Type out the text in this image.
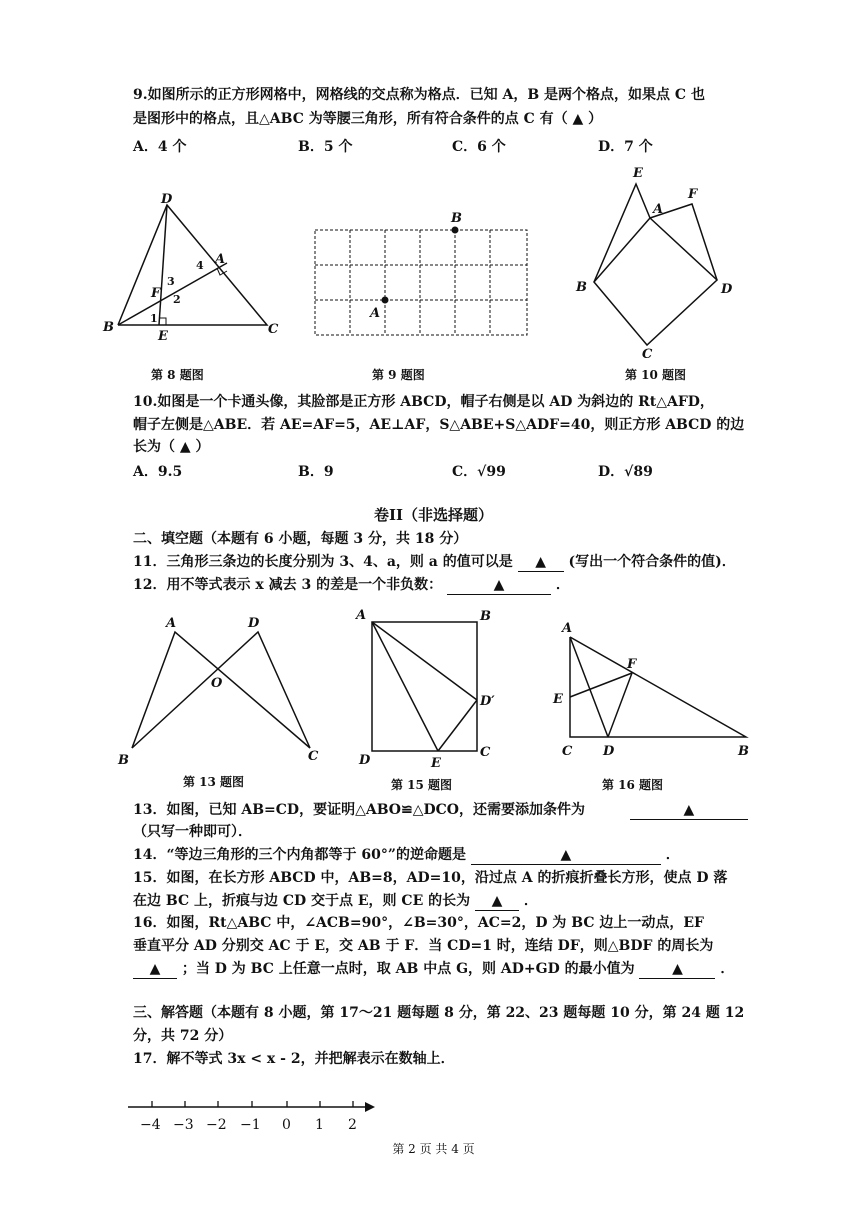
9.如图所示的正方形网格中，网格线的交点称为格点．已知 A，B 是两个格点，如果点 C 也
是图形中的格点，且△ABC 为等腰三角形，所有符合条件的点 C 有（ ▲ ）
A．4 个	B．5 个	C．6 个	D．7 个
D
A
4
3
F 2
1
B
E	C
第 8 题图
B
A
第 9 题图
E
F
A
B	D
C
第 10 题图
10.如图是一个卡通头像，其脸部是正方形 ABCD，帽子右侧是以 AD 为斜边的 Rt△AFD，
帽子左侧是△ABE．若 AE=AF=5，AE⊥AF，S△ABE+S△ADF=40，则正方形 ABCD 的边
长为（ ▲ ）
A．9.5	B．9	C．√99	D．√89
卷II（非选择题）
二、填空题（本题有 6 小题，每题 3 分，共 18 分）
11．三角形三条边的长度分别为 3、4、a，则 a 的值可以是 ▲ (写出一个符合条件的值)．
12．用不等式表示 x 减去 3 的差是一个非负数：	▲	．
A	D
O
B	C
第 13 题图
A	B
D′
D	E
C
第 15 题图
A
F
E
C D	B
第 16 题图
13．如图，已知 AB=CD，要证明△ABO≌△DCO，还需要添加条件为	▲
（只写一种即可）．
14．“等边三角形的三个内角都等于 60°”的逆命题是	▲	．
15．如图，在长方形 ABCD 中，AB=8，AD=10，沿过点 A 的折痕折叠长方形，使点 D 落
在边 BC 上，折痕与边 CD 交于点 E，则 CE 的长为 ▲ ．
16．如图，Rt△ABC 中，∠ACB=90°，∠B=30°，AC=2，D 为 BC 边上一动点，EF
垂直平分 AD 分别交 AC 于 E，交 AB 于 F．当 CD=1 时，连结 DF，则△BDF 的周长为
▲ ；当 D 为 BC 上任意一点时，取 AB 中点 G，则 AD+GD 的最小值为	▲	．
三、解答题（本题有 8 小题，第 17～21 题每题 8 分，第 22、23 题每题 10 分，第 24 题 12
分，共 72 分）
17．解不等式 3x < x - 2，并把解表示在数轴上．
−4 −3 −2 −1 0 1 2
第 2 页 共 4 页
